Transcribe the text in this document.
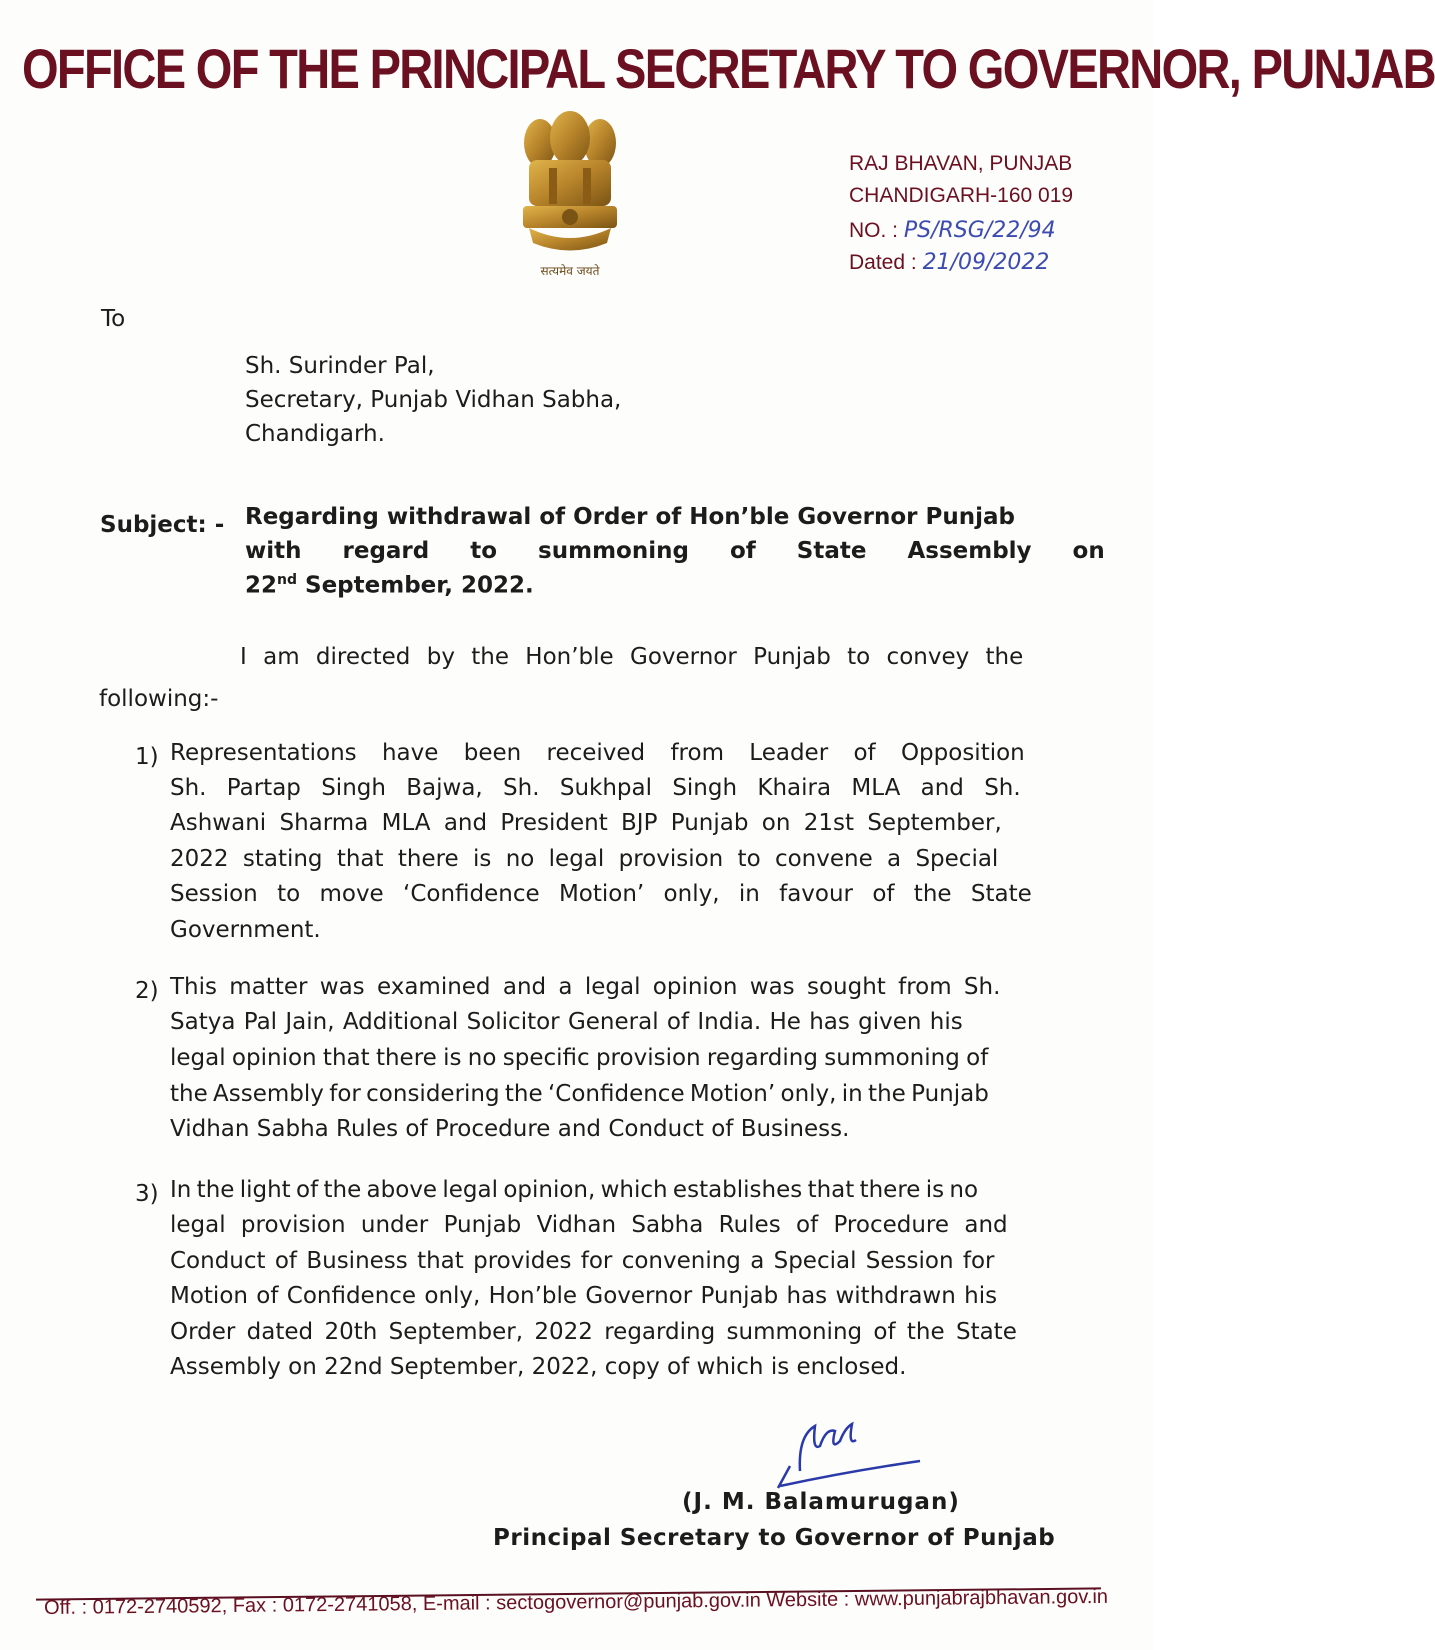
OFFICE OF THE PRINCIPAL SECRETARY TO GOVERNOR, PUNJAB
सत्यमेव जयते
RAJ BHAVAN, PUNJAB
CHANDIGARH-160 019
NO. : PS/RSG/22/94
Dated : 21/09/2022
To
Sh. Surinder Pal,
Secretary, Punjab Vidhan Sabha,
Chandigarh.
Subject: - Regarding withdrawal of Order of Hon’ble Governor Punjab
with regard to summoning of State Assembly on
22nd September, 2022.
I am directed by the Hon’ble Governor Punjab to convey the
following:-
1) Representations have been received from Leader of Opposition
Sh. Partap Singh Bajwa, Sh. Sukhpal Singh Khaira MLA and Sh.
Ashwani Sharma MLA and President BJP Punjab on 21st September,
2022 stating that there is no legal provision to convene a Special
Session to move ‘Confidence Motion’ only, in favour of the State
Government.
2) This matter was examined and a legal opinion was sought from Sh.
Satya Pal Jain, Additional Solicitor General of India. He has given his
legal opinion that there is no specific provision regarding summoning of
the Assembly for considering the ‘Confidence Motion’ only, in the Punjab
Vidhan Sabha Rules of Procedure and Conduct of Business.
3) In the light of the above legal opinion, which establishes that there is no
legal provision under Punjab Vidhan Sabha Rules of Procedure and
Conduct of Business that provides for convening a Special Session for
Motion of Confidence only, Hon’ble Governor Punjab has withdrawn his
Order dated 20th September, 2022 regarding summoning of the State
Assembly on 22nd September, 2022, copy of which is enclosed.
(J. M. Balamurugan)
Principal Secretary to Governor of Punjab
Off. : 0172-2740592, Fax : 0172-2741058, E-mail : sectogovernor@punjab.gov.in Website : www.punjabrajbhavan.gov.in
